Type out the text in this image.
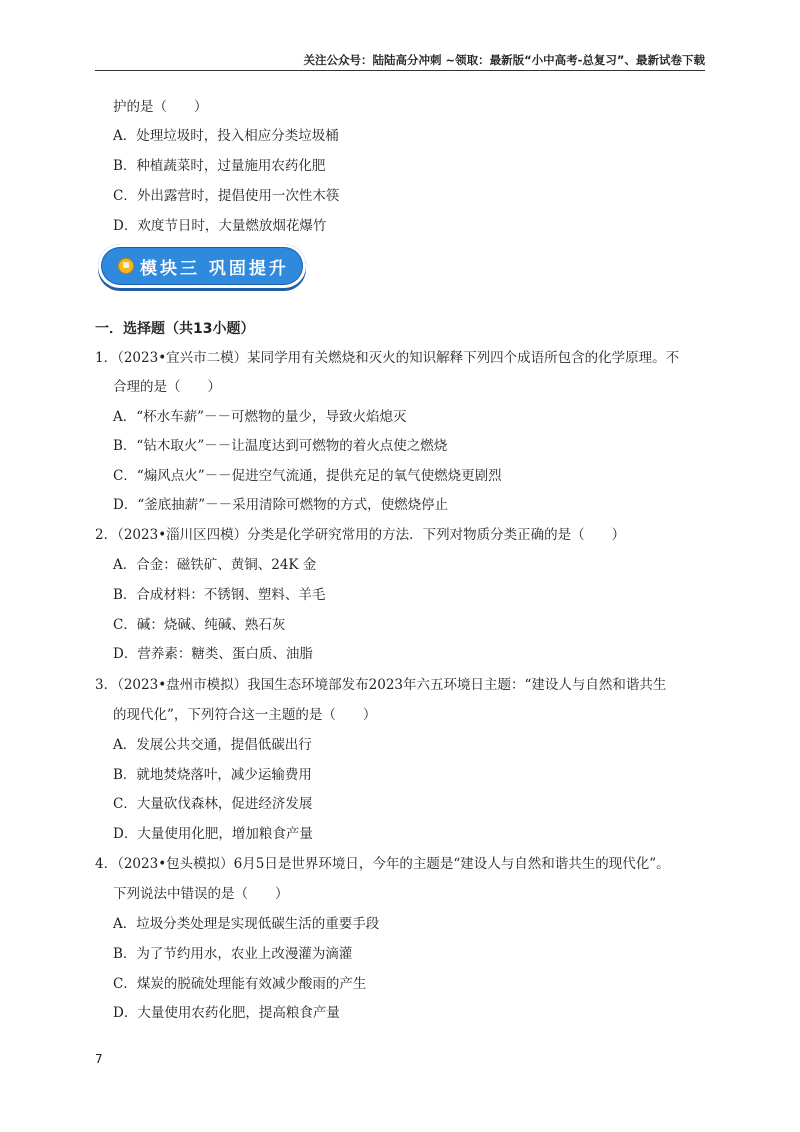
关注公众号：陆陆高分冲刺 ~领取：最新版“小中高考-总复习”、最新试卷下载
护的是（　　）
A．处理垃圾时，投入相应分类垃圾桶
B．种植蔬菜时，过量施用农药化肥
C．外出露营时，提倡使用一次性木筷
D．欢度节日时，大量燃放烟花爆竹
模块三 巩固提升
一．选择题（共13小题）
1．（2023•宜兴市二模）某同学用有关燃烧和灭火的知识解释下列四个成语所包含的化学原理。不
合理的是（　　）
A．“杯水车薪”－－可燃物的量少，导致火焰熄灭
B．“钻木取火”－－让温度达到可燃物的着火点使之燃烧
C．“煽风点火”－－促进空气流通，提供充足的氧气使燃烧更剧烈
D．“釜底抽薪”－－采用清除可燃物的方式，使燃烧停止
2．（2023•淄川区四模）分类是化学研究常用的方法．下列对物质分类正确的是（　　）
A．合金：磁铁矿、黄铜、24K 金
B．合成材料：不锈钢、塑料、羊毛
C．碱：烧碱、纯碱、熟石灰
D．营养素：糖类、蛋白质、油脂
3．（2023•盘州市模拟）我国生态环境部发布2023年六五环境日主题：“建设人与自然和谐共生
的现代化”，下列符合这一主题的是（　　）
A．发展公共交通，提倡低碳出行
B．就地焚烧落叶，减少运输费用
C．大量砍伐森林，促进经济发展
D．大量使用化肥，增加粮食产量
4．（2023•包头模拟）6月5日是世界环境日，今年的主题是“建设人与自然和谐共生的现代化”。
下列说法中错误的是（　　）
A．垃圾分类处理是实现低碳生活的重要手段
B．为了节约用水，农业上改漫灌为滴灌
C．煤炭的脱硫处理能有效减少酸雨的产生
D．大量使用农药化肥，提高粮食产量
7
